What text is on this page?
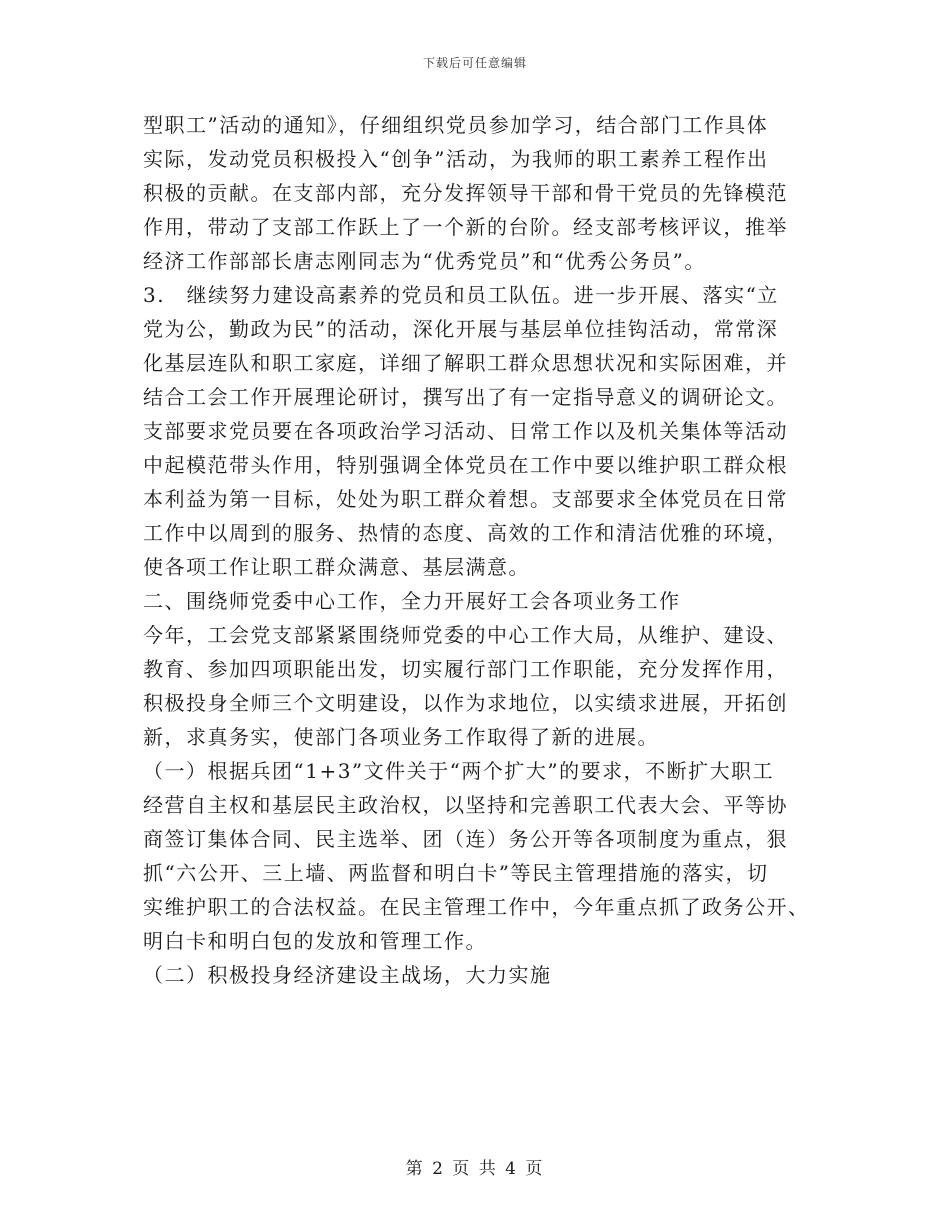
下载后可任意编辑
型职工”活动的通知》，仔细组织党员参加学习，结合部门工作具体
实际，发动党员积极投入“创争”活动，为我师的职工素养工程作出
积极的贡献。在支部内部，充分发挥领导干部和骨干党员的先锋模范
作用，带动了支部工作跃上了一个新的台阶。经支部考核评议，推举
经济工作部部长唐志刚同志为“优秀党员”和“优秀公务员”。
3.　继续努力建设高素养的党员和员工队伍。进一步开展、落实“立
党为公，勤政为民”的活动，深化开展与基层单位挂钩活动，常常深
化基层连队和职工家庭，详细了解职工群众思想状况和实际困难，并
结合工会工作开展理论研讨，撰写出了有一定指导意义的调研论文。
支部要求党员要在各项政治学习活动、日常工作以及机关集体等活动
中起模范带头作用，特别强调全体党员在工作中要以维护职工群众根
本利益为第一目标，处处为职工群众着想。支部要求全体党员在日常
工作中以周到的服务、热情的态度、高效的工作和清洁优雅的环境，
使各项工作让职工群众满意、基层满意。
二、围绕师党委中心工作，全力开展好工会各项业务工作
今年，工会党支部紧紧围绕师党委的中心工作大局，从维护、建设、
教育、参加四项职能出发，切实履行部门工作职能，充分发挥作用，
积极投身全师三个文明建设，以作为求地位，以实绩求进展，开拓创
新，求真务实，使部门各项业务工作取得了新的进展。
（一）根据兵团“1+3”文件关于“两个扩大”的要求，不断扩大职工
经营自主权和基层民主政治权，以坚持和完善职工代表大会、平等协
商签订集体合同、民主选举、团（连）务公开等各项制度为重点，狠
抓“六公开、三上墙、两监督和明白卡”等民主管理措施的落实，切
实维护职工的合法权益。在民主管理工作中，今年重点抓了政务公开、
明白卡和明白包的发放和管理工作。
（二）积极投身经济建设主战场，大力实施
第 2 页 共 4 页
